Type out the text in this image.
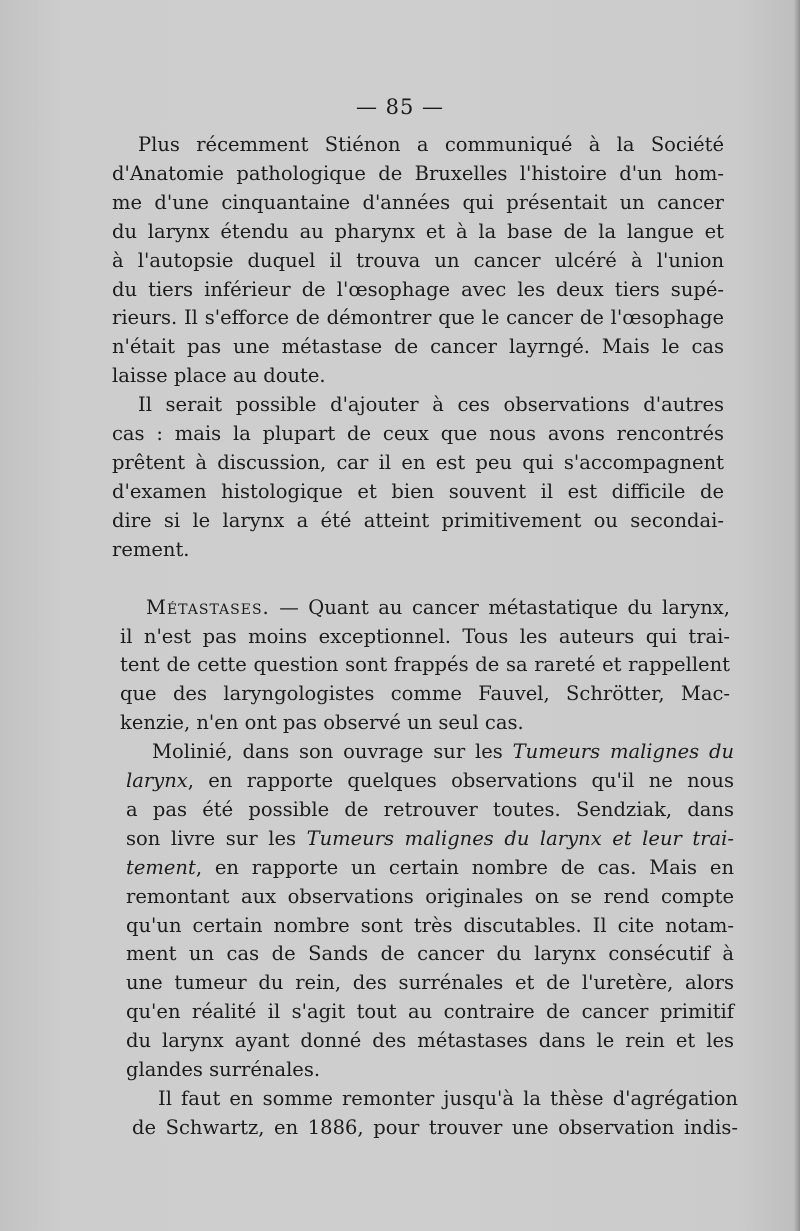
— 85 —

Plus récemment Stiénon a communiqué à la Société
d'Anatomie pathologique de Bruxelles l'histoire d'un hom-
me d'une cinquantaine d'années qui présentait un cancer
du larynx étendu au pharynx et à la base de la langue et
à l'autopsie duquel il trouva un cancer ulcéré à l'union
du tiers inférieur de l'œsophage avec les deux tiers supé-
rieurs. Il s'efforce de démontrer que le cancer de l'œsophage
n'était pas une métastase de cancer layrngé. Mais le cas
laisse place au doute.

Il serait possible d'ajouter à ces observations d'autres
cas : mais la plupart de ceux que nous avons rencontrés
prêtent à discussion, car il en est peu qui s'accompagnent
d'examen histologique et bien souvent il est difficile de
dire si le larynx a été atteint primitivement ou secondai-
rement.

Métastases. — Quant au cancer métastatique du larynx,
il n'est pas moins exceptionnel. Tous les auteurs qui trai-
tent de cette question sont frappés de sa rareté et rappellent
que des laryngologistes comme Fauvel, Schrötter, Mac-
kenzie, n'en ont pas observé un seul cas.

Molinié, dans son ouvrage sur les Tumeurs malignes du
larynx, en rapporte quelques observations qu'il ne nous
a pas été possible de retrouver toutes. Sendziak, dans
son livre sur les Tumeurs malignes du larynx et leur trai-
tement, en rapporte un certain nombre de cas. Mais en
remontant aux observations originales on se rend compte
qu'un certain nombre sont très discutables. Il cite notam-
ment un cas de Sands de cancer du larynx consécutif à
une tumeur du rein, des surrénales et de l'uretère, alors
qu'en réalité il s'agit tout au contraire de cancer primitif
du larynx ayant donné des métastases dans le rein et les
glandes surrénales.

Il faut en somme remonter jusqu'à la thèse d'agrégation
de Schwartz, en 1886, pour trouver une observation indis-
